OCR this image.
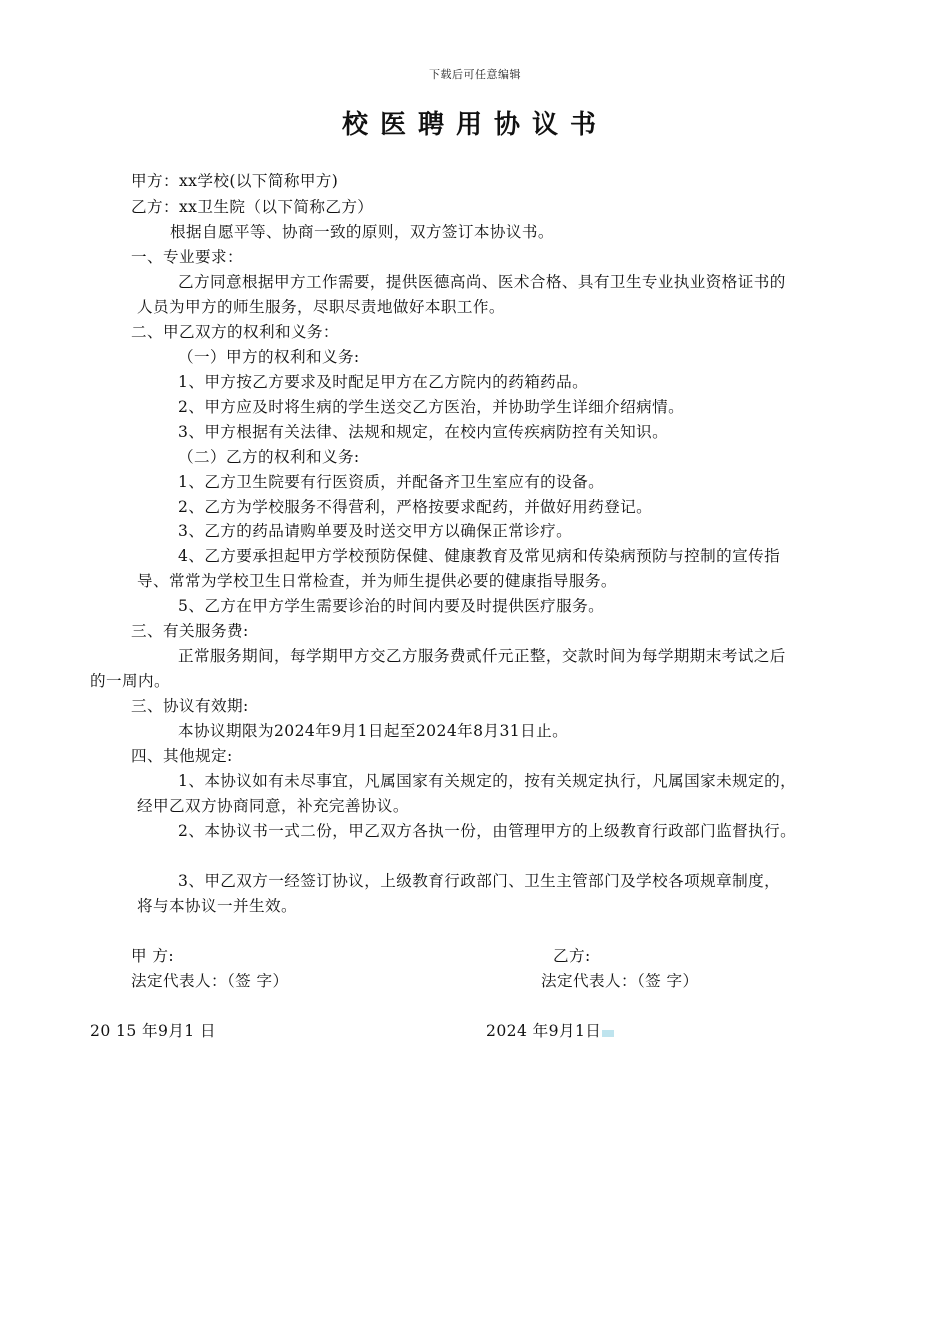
下载后可任意编辑
校医聘用协议书
甲方：xx学校(以下简称甲方)
乙方：xx卫生院（以下简称乙方）
根据自愿平等、协商一致的原则，双方签订本协议书。
一、专业要求：
乙方同意根据甲方工作需要，提供医德高尚、医术合格、具有卫生专业执业资格证书的
人员为甲方的师生服务，尽职尽责地做好本职工作。
二、甲乙双方的权利和义务：
（一）甲方的权利和义务:
1、甲方按乙方要求及时配足甲方在乙方院内的药箱药品。
2、甲方应及时将生病的学生送交乙方医治，并协助学生详细介绍病情。
3、甲方根据有关法律、法规和规定，在校内宣传疾病防控有关知识。
（二）乙方的权利和义务:
1、乙方卫生院要有行医资质，并配备齐卫生室应有的设备。
2、乙方为学校服务不得营利，严格按要求配药，并做好用药登记。
3、乙方的药品请购单要及时送交甲方以确保正常诊疗。
4、乙方要承担起甲方学校预防保健、健康教育及常见病和传染病预防与控制的宣传指
导、常常为学校卫生日常检查，并为师生提供必要的健康指导服务。
5、乙方在甲方学生需要诊治的时间内要及时提供医疗服务。
三、有关服务费:
正常服务期间，每学期甲方交乙方服务费贰仟元正整，交款时间为每学期期末考试之后
的一周内。
三、协议有效期:
本协议期限为2024年9月1日起至2024年8月31日止。
四、其他规定:
1、本协议如有未尽事宜，凡属国家有关规定的，按有关规定执行，凡属国家未规定的，
经甲乙双方协商同意，补充完善协议。
2、本协议书一式二份，甲乙双方各执一份，由管理甲方的上级教育行政部门监督执行。
3、甲乙双方一经签订协议，上级教育行政部门、卫生主管部门及学校各项规章制度，
将与本协议一并生效。
甲 方:
法定代表人：（签 字）
20 15 年9月1 日
乙方:
法定代表人：（签 字）
2024 年9月1日
